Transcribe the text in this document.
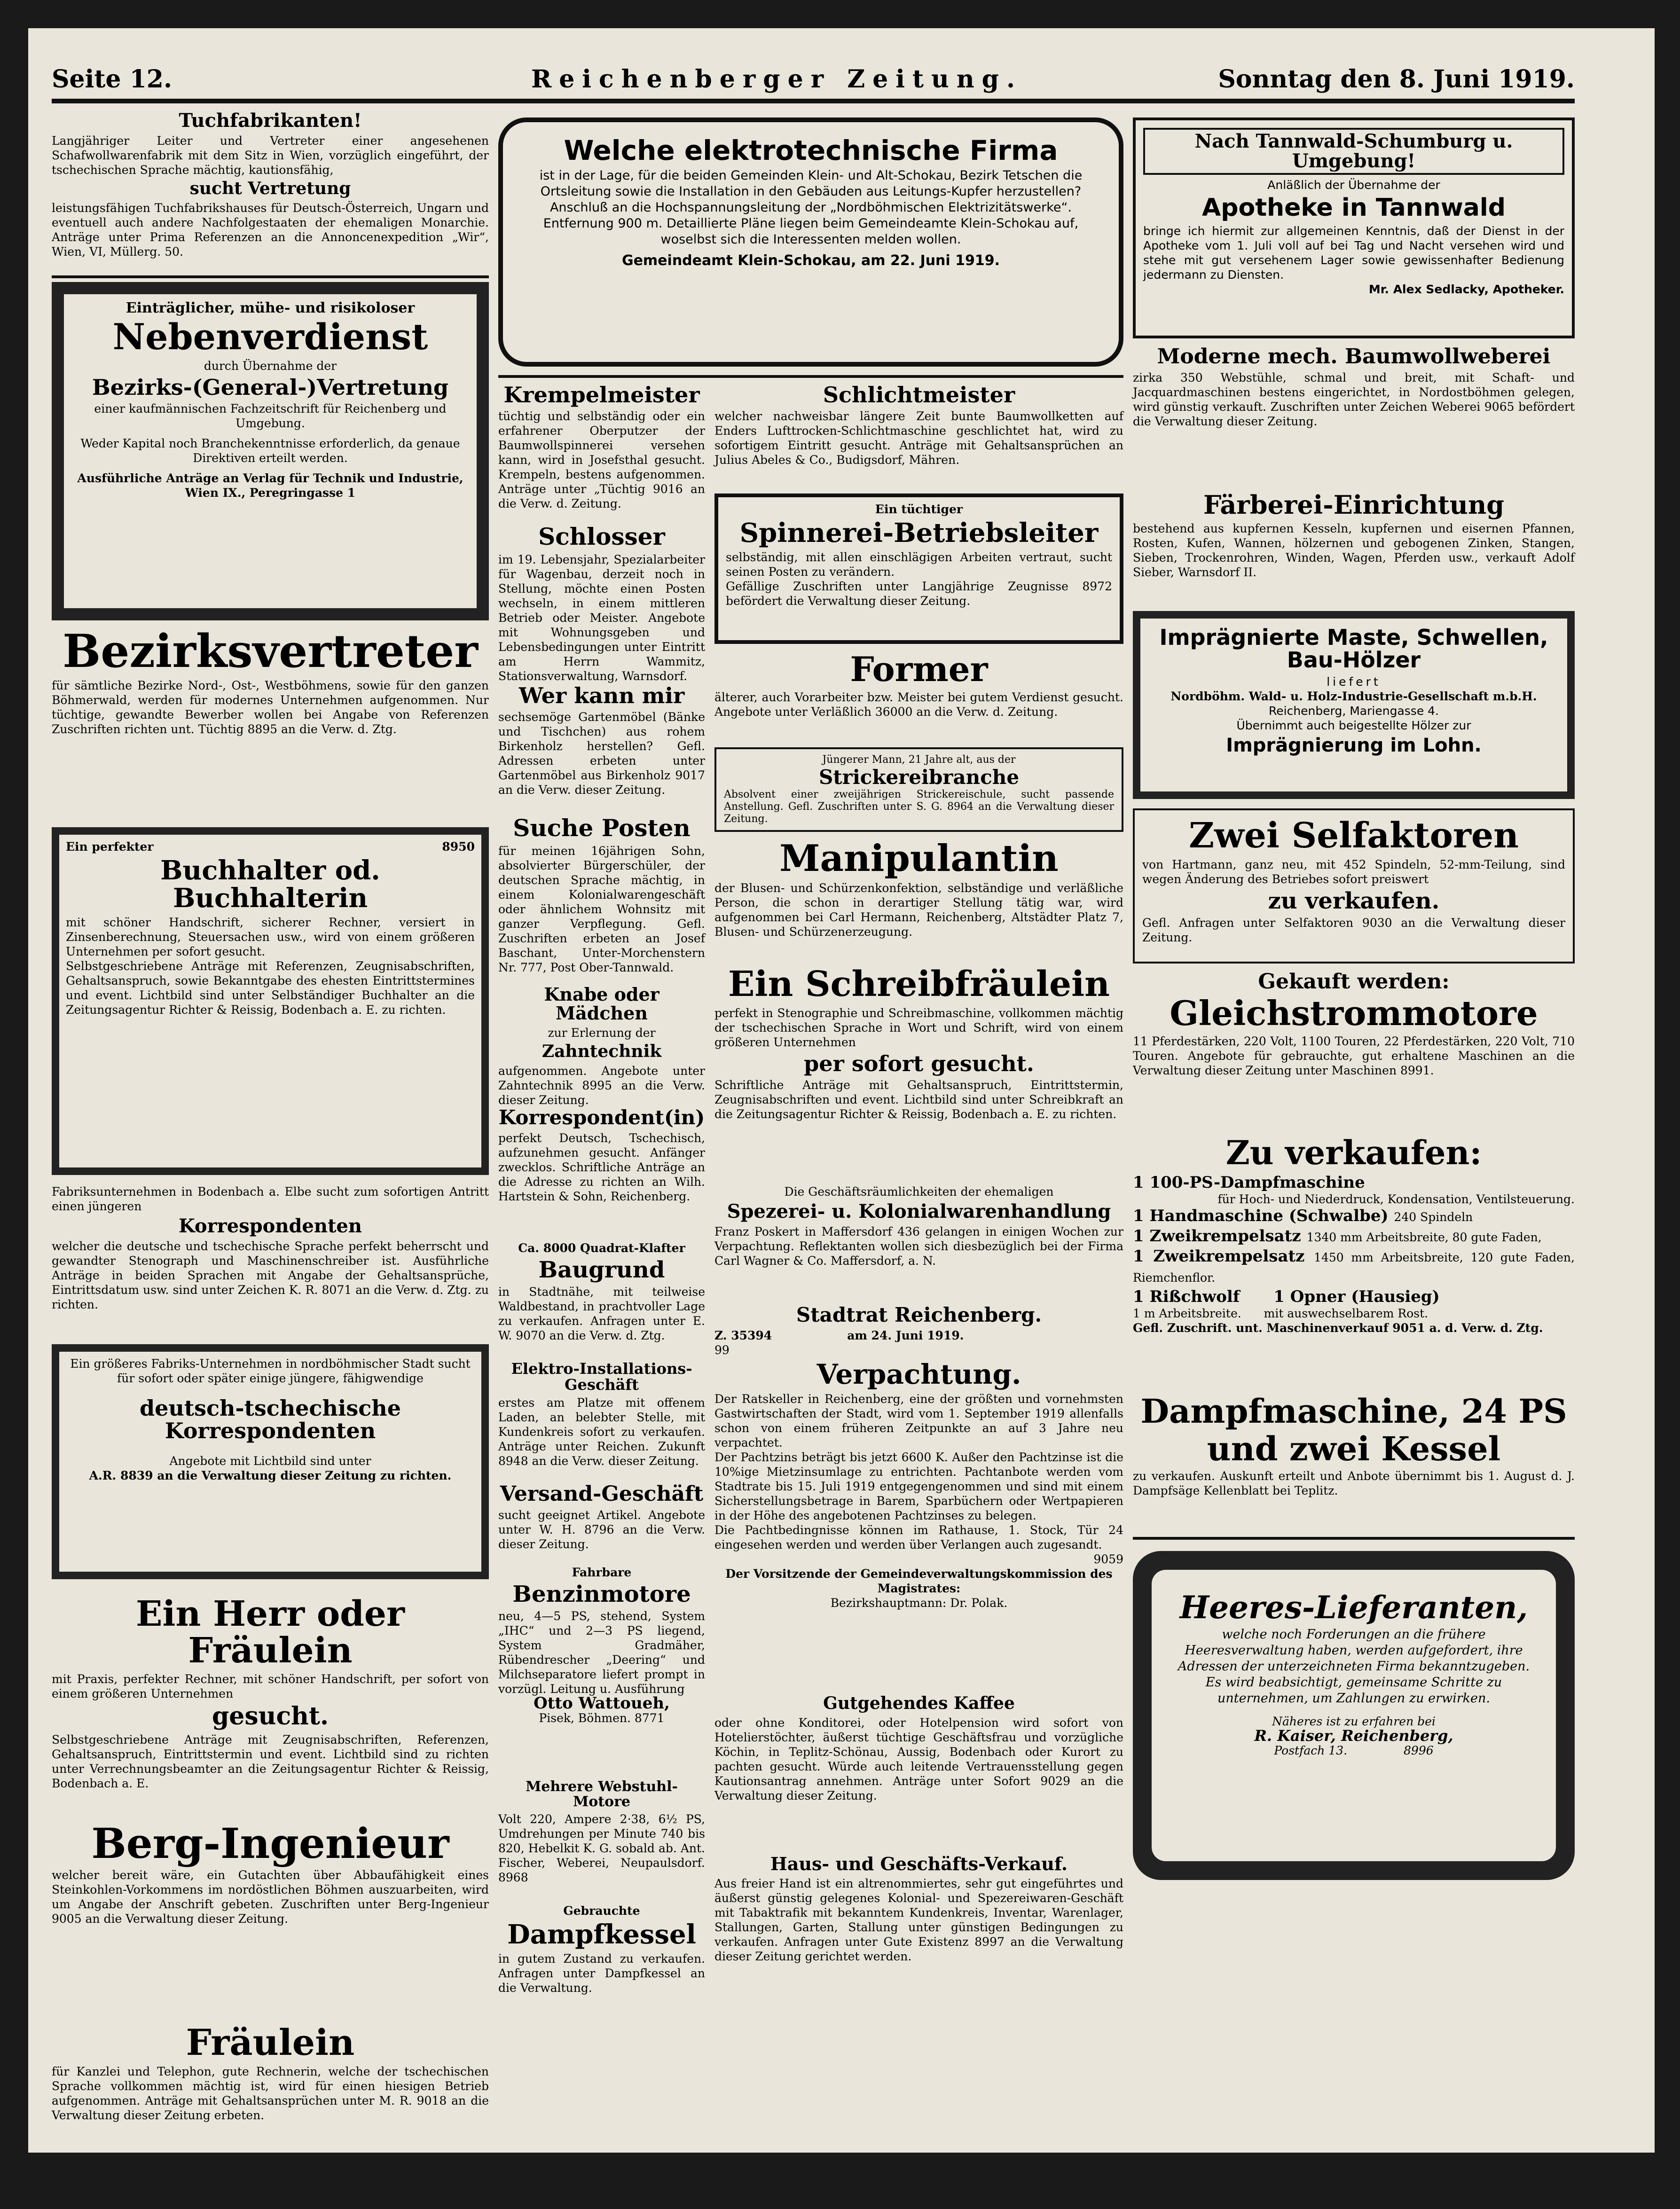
Seite 12.	Reichenberger Zeitung.	Sonntag den 8. Juni 1919.
Tuchfabrikanten!

Langjähriger Leiter und Vertreter einer angesehenen Schafwollwarenfabrik mit dem Sitz in Wien, vorzüglich eingeführt, der tschechischen Sprache mächtig, kautionsfähig,

sucht Vertretung

leistungsfähigen Tuchfabrikshauses für Deutsch-Österreich, Ungarn und eventuell auch andere Nachfolgestaaten der ehemaligen Monarchie. Anträge unter Prima Referenzen an die Annoncenexpedition „Wir“, Wien, VI, Müllerg. 50.

Einträglicher, mühe- und risikoloser

Nebenverdienst

durch Übernahme der

Bezirks-(General-)Vertretung

einer kaufmännischen Fachzeitschrift für Reichenberg und Umgebung.

Weder Kapital noch Branchekenntnisse erforderlich, da genaue Direktiven erteilt werden.

Ausführliche Anträge an Verlag für Technik und Industrie, Wien IX., Peregringasse 1

Bezirksvertreter

für sämtliche Bezirke Nord-, Ost-, Westböhmens, sowie für den ganzen Böhmerwald, werden für modernes Unternehmen aufgenommen. Nur tüchtige, gewandte Bewerber wollen bei Angabe von Referenzen Zuschriften richten unt. Tüchtig 8895 an die Verw. d. Ztg.

Ein perfekter	8950

Buchhalter od. Buchhalterin

mit schöner Handschrift, sicherer Rechner, versiert in Zinsenberechnung, Steuersachen usw., wird von einem größeren Unternehmen per sofort gesucht.

Selbstgeschriebene Anträge mit Referenzen, Zeugnisabschriften, Gehaltsanspruch, sowie Bekanntgabe des ehesten Eintrittstermines und event. Lichtbild sind unter Selbständiger Buchhalter an die Zeitungsagentur Richter & Reissig, Bodenbach a. E. zu richten.

Fabriksunternehmen in Bodenbach a. Elbe sucht zum sofortigen Antritt einen jüngeren

Korrespondenten

welcher die deutsche und tschechische Sprache perfekt beherrscht und gewandter Stenograph und Maschinenschreiber ist. Ausführliche Anträge in beiden Sprachen mit Angabe der Gehaltsansprüche, Eintrittsdatum usw. sind unter Zeichen K. R. 8071 an die Verw. d. Ztg. zu richten.

Ein größeres Fabriks-Unternehmen in nordböhmischer Stadt sucht für sofort oder später einige jüngere, fähigwendige

deutsch-tschechische Korrespondenten

Angebote mit Lichtbild sind unter

A.R. 8839 an die Verwaltung dieser Zeitung zu richten.

Ein Herr oder Fräulein

mit Praxis, perfekter Rechner, mit schöner Handschrift, per sofort von einem größeren Unternehmen

gesucht.

Selbstgeschriebene Anträge mit Zeugnisabschriften, Referenzen, Gehaltsanspruch, Eintrittstermin und event. Lichtbild sind zu richten unter Verrechnungsbeamter an die Zeitungsagentur Richter & Reissig, Bodenbach a. E.

Berg-Ingenieur

welcher bereit wäre, ein Gutachten über Abbaufähigkeit eines Steinkohlen-Vorkommens im nordöstlichen Böhmen auszuarbeiten, wird um Angabe der Anschrift gebeten. Zuschriften unter Berg-Ingenieur 9005 an die Verwaltung dieser Zeitung.

Fräulein

für Kanzlei und Telephon, gute Rechnerin, welche der tschechischen Sprache vollkommen mächtig ist, wird für einen hiesigen Betrieb aufgenommen. Anträge mit Gehaltsansprüchen unter M. R. 9018 an die Verwaltung dieser Zeitung erbeten.

Welche elektrotechnische Firma

ist in der Lage, für die beiden Gemeinden Klein- und Alt-Schokau, Bezirk Tetschen die Ortsleitung sowie die Installation in den Gebäuden aus Leitungs-Kupfer herzustellen? Anschluß an die Hochspannungsleitung der „Nordböhmischen Elektrizitätswerke“. Entfernung 900 m. Detaillierte Pläne liegen beim Gemeindeamte Klein-Schokau auf, woselbst sich die Interessenten melden wollen.

Gemeindeamt Klein-Schokau, am 22. Juni 1919.

Krempelmeister

tüchtig und selbständig oder ein erfahrener Oberputzer der Baumwollspinnerei versehen kann, wird in Josefsthal gesucht. Krempeln, bestens aufgenommen. Anträge unter „Tüchtig 9016 an die Verw. d. Zeitung.

Schlosser

im 19. Lebensjahr, Spezialarbeiter für Wagenbau, derzeit noch in Stellung, möchte einen Posten wechseln, in einem mittleren Betrieb oder Meister. Angebote mit Wohnungsgeben und Lebensbedingungen unter Eintritt am Herrn Wammitz, Stationsverwaltung, Warnsdorf.

Wer kann mir

sechsemöge Gartenmöbel (Bänke und Tischchen) aus rohem Birkenholz herstellen? Gefl. Adressen erbeten unter Gartenmöbel aus Birkenholz 9017 an die Verw. dieser Zeitung.

Suche Posten

für meinen 16jährigen Sohn, absolvierter Bürgerschüler, der deutschen Sprache mächtig, in einem Kolonialwarengeschäft oder ähnlichem Wohnsitz mit ganzer Verpflegung. Gefl. Zuschriften erbeten an Josef Baschant, Unter-Morchenstern Nr. 777, Post Ober-Tannwald.

Knabe oder Mädchen

zur Erlernung der

Zahntechnik

aufgenommen. Angebote unter Zahntechnik 8995 an die Verw. dieser Zeitung.

Korrespondent(in)

perfekt Deutsch, Tschechisch, aufzunehmen gesucht. Anfänger zwecklos. Schriftliche Anträge an die Adresse zu richten an Wilh. Hartstein & Sohn, Reichenberg.

Ca. 8000 Quadrat-Klafter

Baugrund

in Stadtnähe, mit teilweise Waldbestand, in prachtvoller Lage zu verkaufen. Anfragen unter E. W. 9070 an die Verw. d. Ztg.

Elektro-Installations-Geschäft

erstes am Platze mit offenem Laden, an belebter Stelle, mit Kundenkreis sofort zu verkaufen. Anträge unter Reichen. Zukunft 8948 an die Verw. dieser Zeitung.

Versand-Geschäft

sucht geeignet Artikel. Angebote unter W. H. 8796 an die Verw. dieser Zeitung.

Fahrbare

Benzinmotore

neu, 4—5 PS, stehend, System „IHC“ und 2—3 PS liegend, System Gradmäher, Rübendrescher „Deering“ und Milchseparatore liefert prompt in vorzügl. Leitung u. Ausführung

Otto Wattoueh,

Pisek, Böhmen. 8771

Mehrere Webstuhl-Motore

Volt 220, Ampere 2·38, 6½ PS, Umdrehungen per Minute 740 bis 820, Hebelkit K. G. sobald ab. Ant. Fischer, Weberei, Neupaulsdorf. 8968

Gebrauchte

Dampfkessel

in gutem Zustand zu verkaufen. Anfragen unter Dampfkessel an die Verwaltung.

Schlichtmeister

welcher nachweisbar längere Zeit bunte Baumwollketten auf Enders Lufttrocken-Schlichtmaschine geschlichtet hat, wird zu sofortigem Eintritt gesucht. Anträge mit Gehaltsansprüchen an Julius Abeles & Co., Budigsdorf, Mähren.

Ein tüchtiger

Spinnerei-Betriebsleiter

selbständig, mit allen einschlägigen Arbeiten vertraut, sucht seinen Posten zu verändern.

Gefällige Zuschriften unter Langjährige Zeugnisse 8972 befördert die Verwaltung dieser Zeitung.

Former

älterer, auch Vorarbeiter bzw. Meister bei gutem Verdienst gesucht. Angebote unter Verläßlich 36000 an die Verw. d. Zeitung.

Jüngerer Mann, 21 Jahre alt, aus der

Strickereibranche

Absolvent einer zweijährigen Strickereischule, sucht passende Anstellung. Gefl. Zuschriften unter S. G. 8964 an die Verwaltung dieser Zeitung.

Manipulantin

der Blusen- und Schürzenkonfektion, selbständige und verläßliche Person, die schon in derartiger Stellung tätig war, wird aufgenommen bei Carl Hermann, Reichenberg, Altstädter Platz 7, Blusen- und Schürzenerzeugung.

Ein Schreibfräulein

perfekt in Stenographie und Schreibmaschine, vollkommen mächtig der tschechischen Sprache in Wort und Schrift, wird von einem größeren Unternehmen

per sofort gesucht.

Schriftliche Anträge mit Gehaltsanspruch, Eintrittstermin, Zeugnisabschriften und event. Lichtbild sind unter Schreibkraft an die Zeitungsagentur Richter & Reissig, Bodenbach a. E. zu richten.

Die Geschäftsräumlichkeiten der ehemaligen

Spezerei- u. Kolonialwarenhandlung

Franz Poskert in Maffersdorf 436 gelangen in einigen Wochen zur Verpachtung. Reflektanten wollen sich diesbezüglich bei der Firma Carl Wagner & Co. Maffersdorf, a. N.

Stadtrat Reichenberg.

Z. 35394	am 24. Juni 1919.

99

Verpachtung.

Der Ratskeller in Reichenberg, eine der größten und vornehmsten Gastwirtschaften der Stadt, wird vom 1. September 1919 allenfalls schon von einem früheren Zeitpunkte an auf 3 Jahre neu verpachtet.

Der Pachtzins beträgt bis jetzt 6600 K. Außer den Pachtzinse ist die 10%ige Mietzinsumlage zu entrichten. Pachtanbote werden vom Stadtrate bis 15. Juli 1919 entgegengenommen und sind mit einem Sicherstellungsbetrage in Barem, Sparbüchern oder Wertpapieren in der Höhe des angebotenen Pachtzinses zu belegen.

Die Pachtbedingnisse können im Rathause, 1. Stock, Tür 24 eingesehen werden und werden über Verlangen auch zugesandt.

9059

Der Vorsitzende der Gemeindeverwaltungskommission des Magistrates:

Bezirkshauptmann: Dr. Polak.

Gutgehendes Kaffee

oder ohne Konditorei, oder Hotelpension wird sofort von Hotelierstöchter, äußerst tüchtige Geschäftsfrau und vorzügliche Köchin, in Teplitz-Schönau, Aussig, Bodenbach oder Kurort zu pachten gesucht. Würde auch leitende Vertrauensstellung gegen Kautionsantrag annehmen. Anträge unter Sofort 9029 an die Verwaltung dieser Zeitung.

Haus- und Geschäfts-Verkauf.

Aus freier Hand ist ein altrenommiertes, sehr gut eingeführtes und äußerst günstig gelegenes Kolonial- und Spezereiwaren-Geschäft mit Tabaktrafik mit bekanntem Kundenkreis, Inventar, Warenlager, Stallungen, Garten, Stallung unter günstigen Bedingungen zu verkaufen. Anfragen unter Gute Existenz 8997 an die Verwaltung dieser Zeitung gerichtet werden.

Nach Tannwald-Schumburg u. Umgebung!

Anläßlich der Übernahme der

Apotheke in Tannwald

bringe ich hiermit zur allgemeinen Kenntnis, daß der Dienst in der Apotheke vom 1. Juli voll auf bei Tag und Nacht versehen wird und stehe mit gut versehenem Lager sowie gewissenhafter Bedienung jedermann zu Diensten.

Mr. Alex Sedlacky, Apotheker.

Moderne mech. Baumwollweberei

zirka 350 Webstühle, schmal und breit, mit Schaft- und Jacquardmaschinen bestens eingerichtet, in Nordostböhmen gelegen, wird günstig verkauft. Zuschriften unter Zeichen Weberei 9065 befördert die Verwaltung dieser Zeitung.

Färberei-Einrichtung

bestehend aus kupfernen Kesseln, kupfernen und eisernen Pfannen, Rosten, Kufen, Wannen, hölzernen und gebogenen Zinken, Stangen, Sieben, Trockenrohren, Winden, Wagen, Pferden usw., verkauft Adolf Sieber, Warnsdorf II.

Imprägnierte Maste, Schwellen, Bau-Hölzer

liefert

Nordböhm. Wald- u. Holz-Industrie-Gesellschaft m.b.H.

Reichenberg, Mariengasse 4.

Übernimmt auch beigestellte Hölzer zur

Imprägnierung im Lohn.
Zwei Selfaktoren

von Hartmann, ganz neu, mit 452 Spindeln, 52-mm-Teilung, sind wegen Änderung des Betriebes sofort preiswert

zu verkaufen.

Gefl. Anfragen unter Selfaktoren 9030 an die Verwaltung dieser Zeitung.

Gekauft werden:
Gleichstrommotore

11 Pferdestärken, 220 Volt, 1100 Touren, 22 Pferdestärken, 220 Volt, 710 Touren. Angebote für gebrauchte, gut erhaltene Maschinen an die Verwaltung dieser Zeitung unter Maschinen 8991.

Zu verkaufen:

1 100-PS-Dampfmaschine

für Hoch- und Niederdruck, Kondensation, Ventilsteuerung.

1 Handmaschine (Schwalbe) 240 Spindeln

1 Zweikrempelsatz 1340 mm Arbeitsbreite, 80 gute Faden,

1 Zweikrempelsatz 1450 mm Arbeitsbreite, 120 gute Faden, Riemchenflor.

1 Rißchwolf 1 Opner (Hausieg)

1 m Arbeitsbreite. mit auswechselbarem Rost.

Gefl. Zuschrift. unt. Maschinenverkauf 9051 a. d. Verw. d. Ztg.

Dampfmaschine, 24 PS
und zwei Kessel

zu verkaufen. Auskunft erteilt und Anbote übernimmt bis 1. August d. J. Dampfsäge Kellenblatt bei Teplitz.

Heeres-Lieferanten,

welche noch Forderungen an die frühere Heeresverwaltung haben, werden aufgefordert, ihre Adressen der unterzeichneten Firma bekanntzugeben. Es wird beabsichtigt, gemeinsame Schritte zu unternehmen, um Zahlungen zu erwirken.

Näheres ist zu erfahren bei

R. Kaiser, Reichenberg,

Postfach 13.	8996
